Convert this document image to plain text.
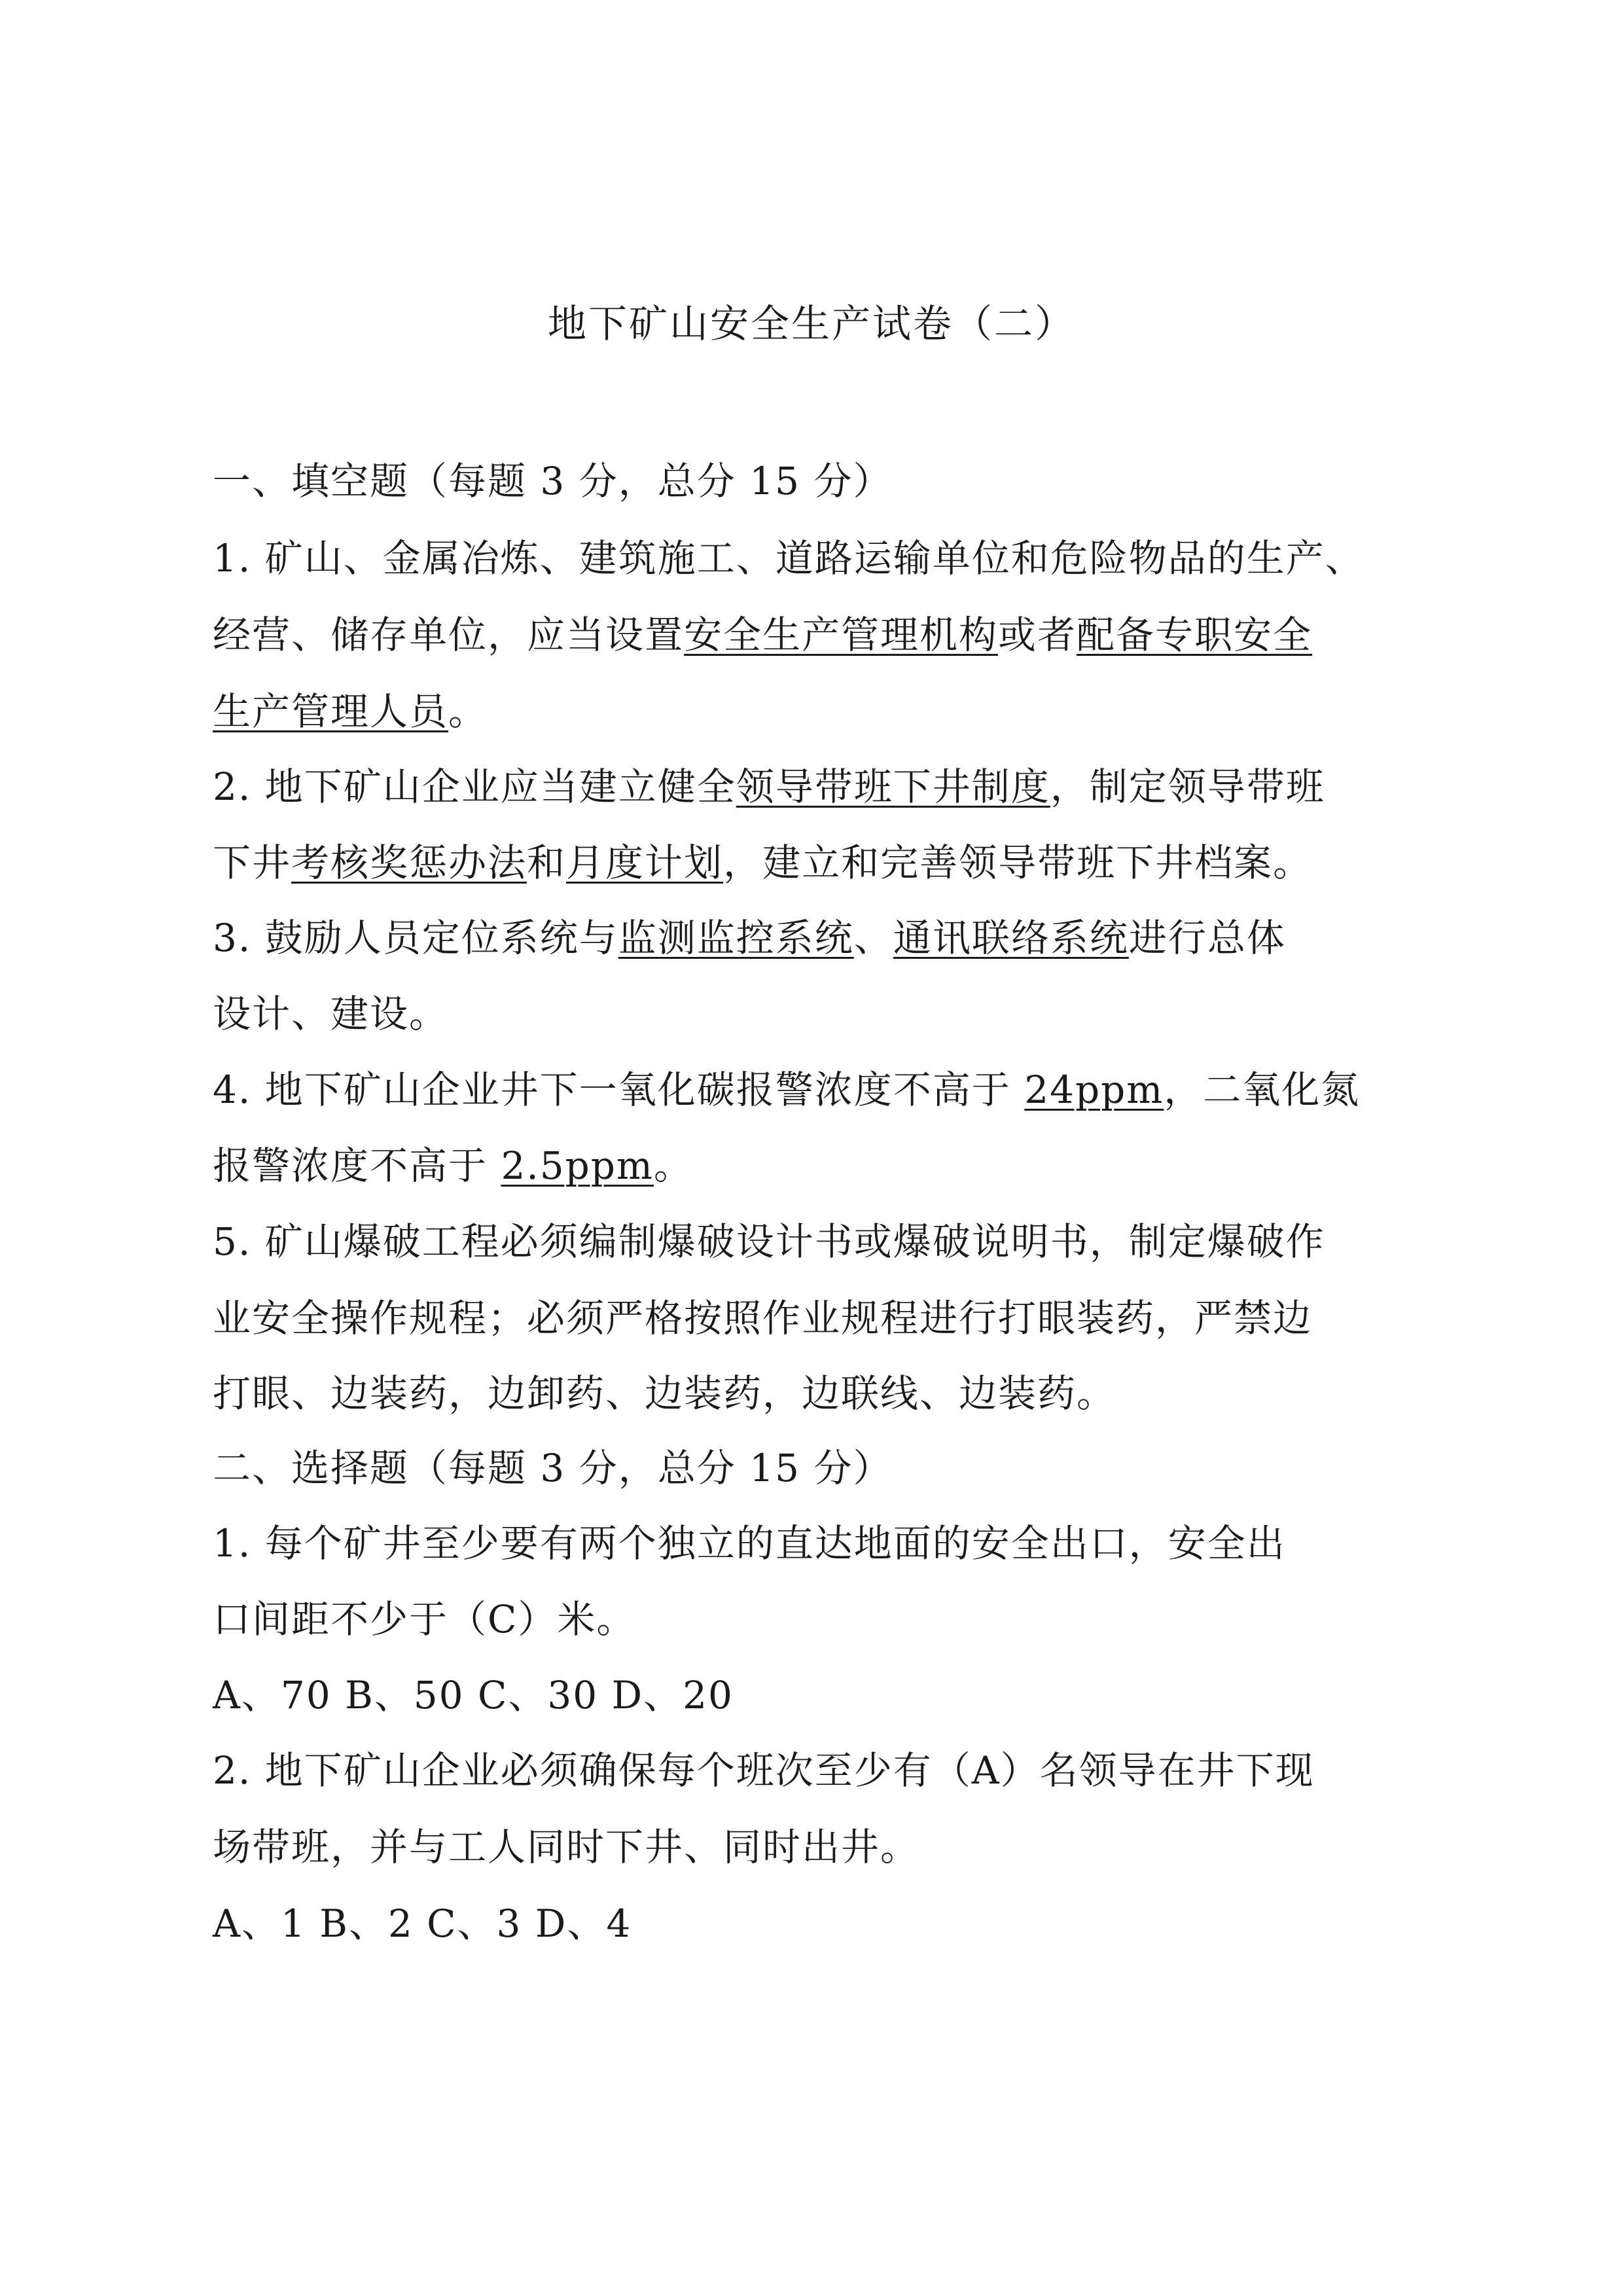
地下矿山安全生产试卷（二）
一、填空题（每题 3 分，总分 15 分）
1. 矿山、金属冶炼、建筑施工、道路运输单位和危险物品的生产、
经营、储存单位，应当设置安全生产管理机构或者配备专职安全
生产管理人员。
2. 地下矿山企业应当建立健全领导带班下井制度，制定领导带班
下井考核奖惩办法和月度计划，建立和完善领导带班下井档案。
3. 鼓励人员定位系统与监测监控系统、通讯联络系统进行总体
设计、建设。
4. 地下矿山企业井下一氧化碳报警浓度不高于 24ppm，二氧化氮
报警浓度不高于 2.5ppm。
5. 矿山爆破工程必须编制爆破设计书或爆破说明书，制定爆破作
业安全操作规程；必须严格按照作业规程进行打眼装药，严禁边
打眼、边装药，边卸药、边装药，边联线、边装药。
二、选择题（每题 3 分，总分 15 分）
1. 每个矿井至少要有两个独立的直达地面的安全出口，安全出
口间距不少于（C）米。
A、70 B、50 C、30 D、20
2. 地下矿山企业必须确保每个班次至少有（A）名领导在井下现
场带班，并与工人同时下井、同时出井。
A、1 B、2 C、3 D、4
